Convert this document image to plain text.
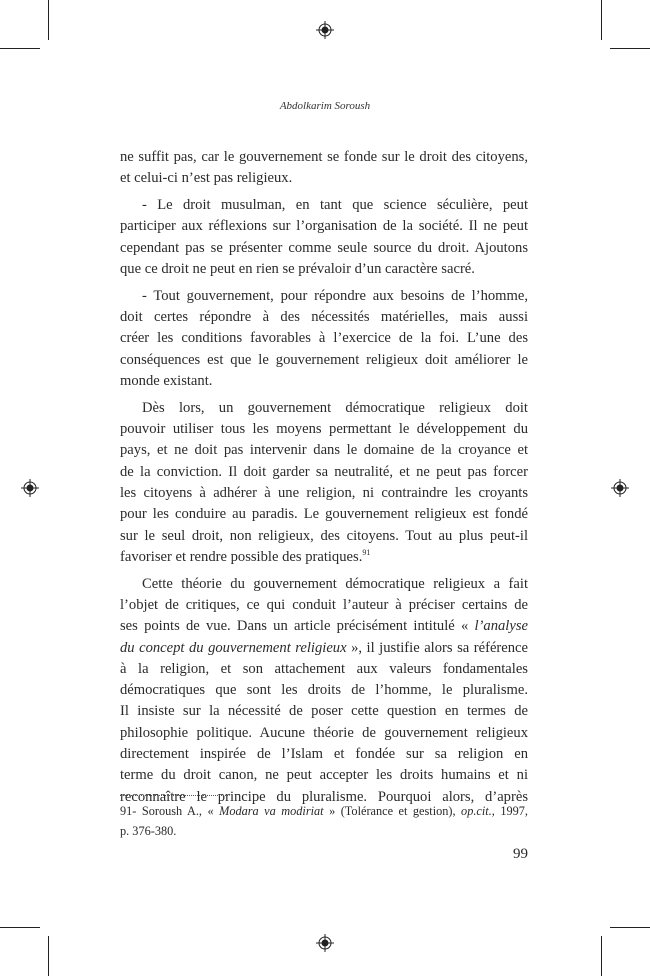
Abdolkarim Soroush
ne suffit pas, car le gouvernement se fonde sur le droit des citoyens,
et celui-ci n’est pas religieux.
- Le droit musulman, en tant que science séculière, peut
participer aux réflexions sur l’organisation de la société. Il ne peut
cependant pas se présenter comme seule source du droit. Ajoutons
que ce droit ne peut en rien se prévaloir d’un caractère sacré.
- Tout gouvernement, pour répondre aux besoins de l’homme,
doit certes répondre à des nécessités matérielles, mais aussi
créer les conditions favorables à l’exercice de la foi. L’une des
conséquences est que le gouvernement religieux doit améliorer le
monde existant.
Dès lors, un gouvernement démocratique religieux doit
pouvoir utiliser tous les moyens permettant le développement du
pays, et ne doit pas intervenir dans le domaine de la croyance et
de la conviction. Il doit garder sa neutralité, et ne peut pas forcer
les citoyens à adhérer à une religion, ni contraindre les croyants
pour les conduire au paradis. Le gouvernement religieux est fondé
sur le seul droit, non religieux, des citoyens. Tout au plus peut-il
favoriser et rendre possible des pratiques.$^{91}$
Cette théorie du gouvernement démocratique religieux a fait
l’objet de critiques, ce qui conduit l’auteur à préciser certains de
ses points de vue. Dans un article précisément intitulé « l’analyse
du concept du gouvernement religieux », il justifie alors sa référence
à la religion, et son attachement aux valeurs fondamentales
démocratiques que sont les droits de l’homme, le pluralisme.
Il insiste sur la nécessité de poser cette question en termes de
philosophie politique. Aucune théorie de gouvernement religieux
directement inspirée de l’Islam et fondée sur sa religion en
terme du droit canon, ne peut accepter les droits humains et ni
reconnaître le principe du pluralisme. Pourquoi alors, d’après
91- Soroush A., « Modara va modiriat » (Tolérance et gestion), op.cit., 1997,
p. 376-380.
99
